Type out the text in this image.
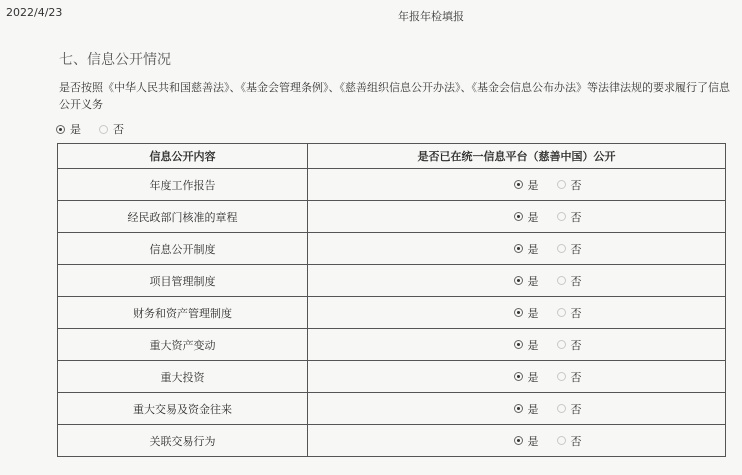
2022/4/23	年报年检填报
七、信息公开情况
是否按照《中华人民共和国慈善法》、《基金会管理条例》、《慈善组织信息公开办法》、《基金会信息公布办法》等法律法规的要求履行了信息公开义务
是	否
信息公开内容	是否已在统一信息平台（慈善中国）公开
年度工作报告	是 否

经民政部门核准的章程	是 否

信息公开制度	是 否

项目管理制度	是 否

财务和资产管理制度	是 否

重大资产变动	是 否

重大投资	是 否

重大交易及资金往来	是 否

关联交易行为	是 否
